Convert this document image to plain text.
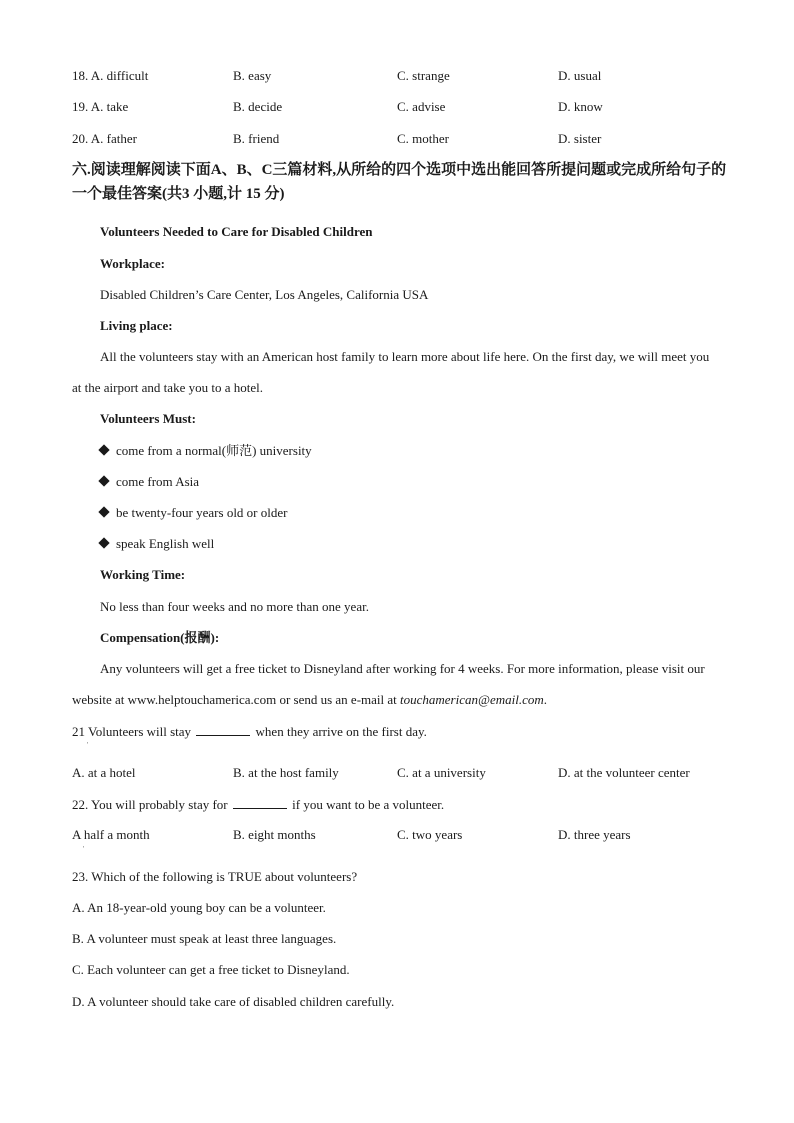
18. A. difficult	B. easy	C. strange	D. usual
19. A. take	B. decide	C. advise	D. know
20. A. father	B. friend	C. mother	D. sister
六.阅读理解阅读下面A、B、C三篇材料,从所给的四个选项中选出能回答所提问题或完成所给句子的一个最佳答案(共3 小题,计 15 分)
Volunteers Needed to Care for Disabled Children
Workplace:
Disabled Children’s Care Center, Los Angeles, California USA
Living place:
All the volunteers stay with an American host family to learn more about life here. On the first day, we will meet you at the airport and take you to a hotel.
Volunteers Must:
come from a normal(师范) university
come from Asia
be twenty-four years old or older
speak English well
Working Time:
No less than four weeks and no more than one year.
Compensation(报酬):
Any volunteers will get a free ticket to Disneyland after working for 4 weeks. For more information, please visit our website at www.helptouchamerica.com or send us an e-mail at touchamerican@email.com.
21 Volunteers will stay	when they arrive on the first day.
ˈ
A. at a hotel	B. at the host family	C. at a university	D. at the volunteer center
22. You will probably stay for	if you want to be a volunteer.
A half a month	B. eight months	C. two years	D. three years
ˈ
23. Which of the following is TRUE about volunteers?
A. An 18-year-old young boy can be a volunteer.
B. A volunteer must speak at least three languages.
C. Each volunteer can get a free ticket to Disneyland.
D. A volunteer should take care of disabled children carefully.
